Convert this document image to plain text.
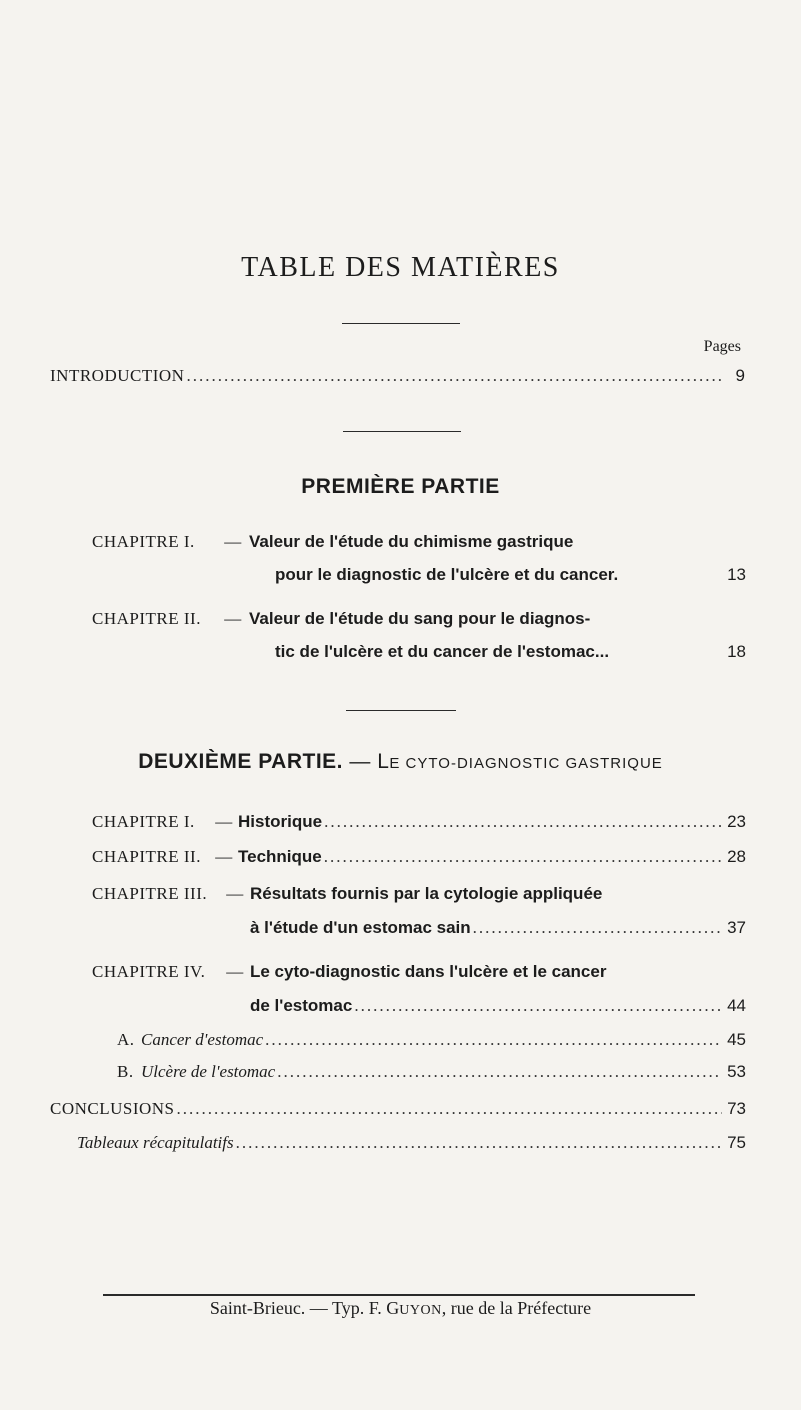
TABLE DES MATIÈRES
Pages
INTRODUCTION .....	9
PREMIÈRE PARTIE
CHAPITRE I.	— Valeur de l'étude du chimisme gastrique
pour le diagnostic de l'ulcère et du cancer.	13
CHAPITRE II.	— Valeur de l'étude du sang pour le diagnos-
tic de l'ulcère et du cancer de l'estomac...	18
DEUXIÈME PARTIE. — LE CYTO-DIAGNOSTIC GASTRIQUE
CHAPITRE I.	— Historique .....	23
CHAPITRE II. — Technique .....	28
CHAPITRE III.	— Résultats fournis par la cytologie appliquée
à l'étude d'un estomac sain .....	37
CHAPITRE IV.	— Le cyto-diagnostic dans l'ulcère et le cancer
de l'estomac .....	44
A. Cancer d'estomac .....	45
B. Ulcère de l'estomac .....	53
CONCLUSIONS .....	73
Tableaux récapitulatifs .....	75
Saint-Brieuc. — Typ. F. GUYON, rue de la Préfecture
